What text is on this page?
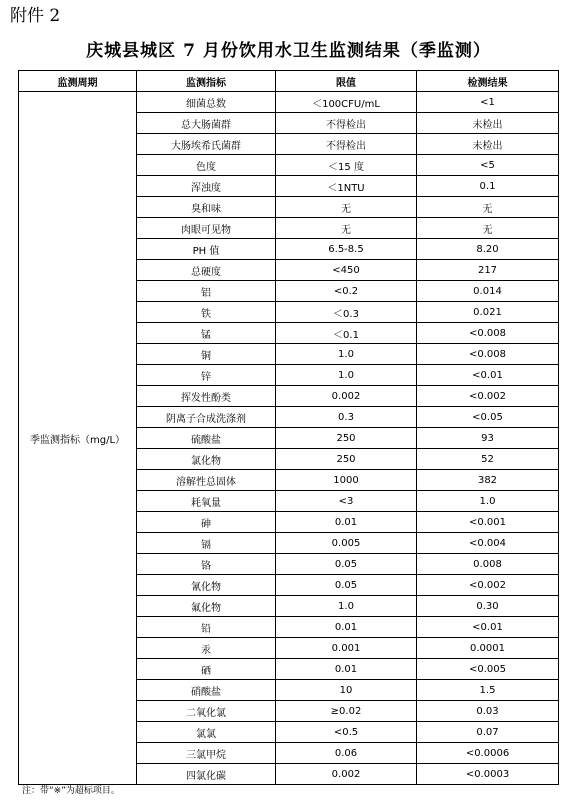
附件 2
庆城县城区 7 月份饮用水卫生监测结果（季监测）
监测周期	监测指标	限值	检测结果
季监测指标（mg/L）	细菌总数	＜100CFU/mL	<1
	总大肠菌群	不得检出	未检出
	大肠埃希氏菌群	不得检出	未检出
	色度	＜15 度	<5
	浑浊度	＜1NTU	0.1
	臭和味	无	无
	肉眼可见物	无	无
	PH 值	6.5-8.5	8.20
	总硬度	<450	217
	铝	<0.2	0.014
	铁	＜0.3	0.021
	锰	＜0.1	<0.008
	铜	1.0	<0.008
	锌	1.0	<0.01
	挥发性酚类	0.002	<0.002
	阴离子合成洗涤剂	0.3	<0.05
	硫酸盐	250	93
	氯化物	250	52
	溶解性总固体	1000	382
	耗氧量	<3	1.0
	砷	0.01	<0.001
	镉	0.005	<0.004
	铬	0.05	0.008
	氰化物	0.05	<0.002
	氟化物	1.0	0.30
	铅	0.01	<0.01
	汞	0.001	0.0001
	硒	0.01	<0.005
	硝酸盐	10	1.5
	二氧化氯	≥0.02	0.03
	氯氯	<0.5	0.07
	三氯甲烷	0.06	<0.0006
	四氯化碳	0.002	<0.0003
注：带“※”为超标项目。
